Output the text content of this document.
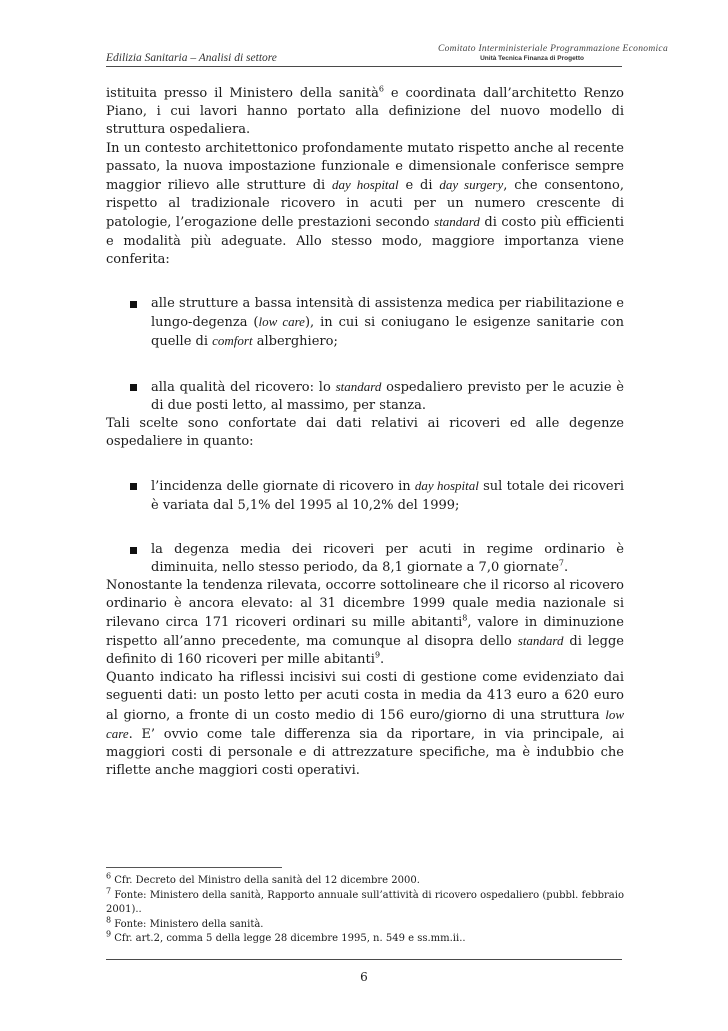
Edilizia Sanitaria – Analisi di settore
Comitato Interministeriale Programmazione Economica
Unità Tecnica Finanza di Progetto

istituita presso il Ministero della sanità$^6$ e coordinata dall’architetto Renzo Piano, i cui lavori hanno portato alla definizione del nuovo modello di struttura ospedaliera.

In un contesto architettonico profondamente mutato rispetto anche al recente passato, la nuova impostazione funzionale e dimensionale conferisce sempre maggior rilievo alle strutture di day hospital e di day surgery, che consentono, rispetto al tradizionale ricovero in acuti per un numero crescente di patologie, l’erogazione delle prestazioni secondo standard di costo più efficienti e modalità più adeguate. Allo stesso modo, maggiore importanza viene conferita:

alle strutture a bassa intensità di assistenza medica per riabilitazione e lungo-degenza (low care), in cui si coniugano le esigenze sanitarie con quelle di comfort alberghiero;
alla qualità del ricovero: lo standard ospedaliero previsto per le acuzie è di due posti letto, al massimo, per stanza.

Tali scelte sono confortate dai dati relativi ai ricoveri ed alle degenze ospedaliere in quanto:

l’incidenza delle giornate di ricovero in day hospital sul totale dei ricoveri è variata dal 5,1% del 1995 al 10,2% del 1999;
la degenza media dei ricoveri per acuti in regime ordinario è diminuita, nello stesso periodo, da 8,1 giornate a 7,0 giornate$^7$.

Nonostante la tendenza rilevata, occorre sottolineare che il ricorso al ricovero ordinario è ancora elevato: al 31 dicembre 1999 quale media nazionale si rilevano circa 171 ricoveri ordinari su mille abitanti$^8$, valore in diminuzione rispetto all’anno precedente, ma comunque al disopra dello standard di legge definito di 160 ricoveri per mille abitanti$^9$.

Quanto indicato ha riflessi incisivi sui costi di gestione come evidenziato dai seguenti dati: un posto letto per acuti costa in media da 413 euro a 620 euro al giorno, a fronte di un costo medio di 156 euro/giorno di una struttura low care. E’ ovvio come tale differenza sia da riportare, in via principale, ai maggiori costi di personale e di attrezzature specifiche, ma è indubbio che riflette anche maggiori costi operativi.

$^6$ Cfr. Decreto del Ministro della sanità del 12 dicembre 2000.

$^7$ Fonte: Ministero della sanità, Rapporto annuale sull’attività di ricovero ospedaliero (pubbl. febbraio 2001)..

$^8$ Fonte: Ministero della sanità.

$^9$ Cfr. art.2, comma 5 della legge 28 dicembre 1995, n. 549 e ss.mm.ii..

6
